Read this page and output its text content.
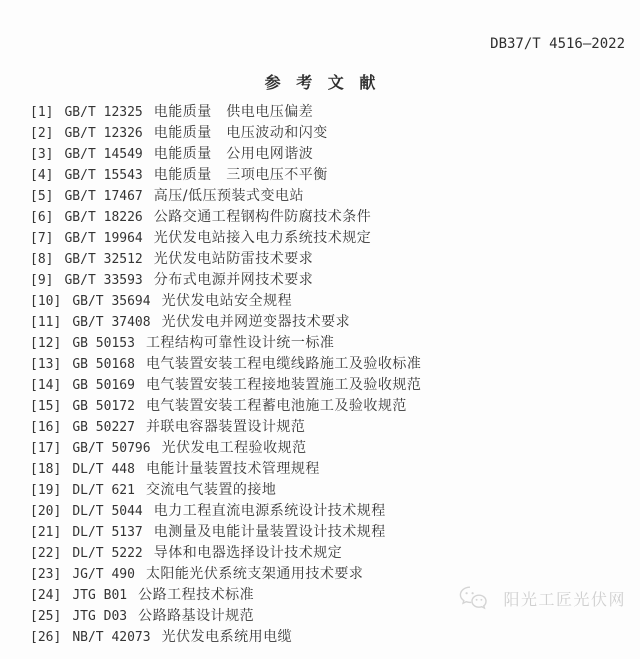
DB37/T 4516—2022
参 考 文 献
[1] GB/T 12325 电能质量　供电电压偏差
[2] GB/T 12326 电能质量　电压波动和闪变
[3] GB/T 14549 电能质量　公用电网谐波
[4] GB/T 15543 电能质量　三项电压不平衡
[5] GB/T 17467 高压/低压预装式变电站
[6] GB/T 18226 公路交通工程钢构件防腐技术条件
[7] GB/T 19964 光伏发电站接入电力系统技术规定
[8] GB/T 32512 光伏发电站防雷技术要求
[9] GB/T 33593 分布式电源并网技术要求
[10] GB/T 35694 光伏发电站安全规程
[11] GB/T 37408 光伏发电并网逆变器技术要求
[12] GB 50153 工程结构可靠性设计统一标准
[13] GB 50168 电气装置安装工程电缆线路施工及验收标准
[14] GB 50169 电气装置安装工程接地装置施工及验收规范
[15] GB 50172 电气装置安装工程蓄电池施工及验收规范
[16] GB 50227 并联电容器装置设计规范
[17] GB/T 50796 光伏发电工程验收规范
[18] DL/T 448 电能计量装置技术管理规程
[19] DL/T 621 交流电气装置的接地
[20] DL/T 5044 电力工程直流电源系统设计技术规程
[21] DL/T 5137 电测量及电能计量装置设计技术规程
[22] DL/T 5222 导体和电器选择设计技术规定
[23] JG/T 490 太阳能光伏系统支架通用技术要求
[24] JTG B01 公路工程技术标准
[25] JTG D03 公路路基设计规范
[26] NB/T 42073 光伏发电系统用电缆

阳光工匠光伏网
